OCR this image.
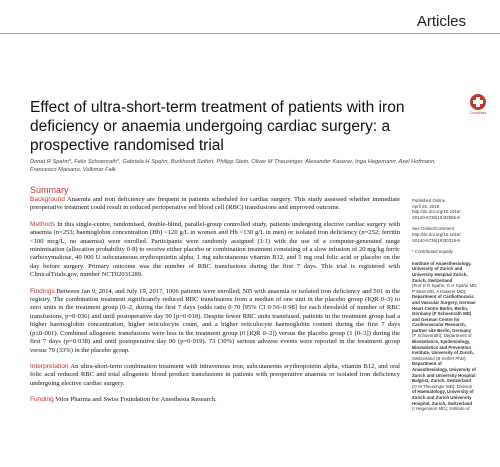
Articles
CrossMark
Effect of ultra-short-term treatment of patients with iron deficiency or anaemia undergoing cardiac surgery: a prospective randomised trial
Donat R Spahn*, Felix Schoenrath*, Gabriela H Spahn, Burkhardt Seifert, Philipp Stein, Oliver M Theusinger, Alexander Kaserer, Inga Hegemann, Axel Hofmann, Francesco Maisano, Volkmar Falk
Summary

Background Anaemia and iron deficiency are frequent in patients scheduled for cardiac surgery. This study assessed whether immediate preoperative treatment could result in reduced perioperative red blood cell (RBC) transfusions and improved outcome.

Methods In this single-centre, randomised, double-blind, parallel-group controlled study, patients undergoing elective cardiac surgery with anaemia (n=253; haemoglobin concentration (Hb) <120 g/L in women and Hb <130 g/L in men) or isolated iron deficiency (n=252; ferritin <100 mcg/L, no anaemia) were enrolled. Participants were randomly assigned (1:1) with the use of a computer-generated range minimisation (allocation probability 0·8) to receive either placebo or combination treatment consisting of a slow infusion of 20 mg/kg ferric carboxymaltose, 40 000 U subcutaneous erythropoietin alpha, 1 mg subcutaneous vitamin B12, and 5 mg oral folic acid or placebo on the day before surgery. Primary outcome was the number of RBC transfusions during the first 7 days. This trial is registered with ClinicalTrials.gov, number NCT02031289.

Findings Between Jan 9, 2014, and July 19, 2017, 1006 patients were enrolled; 505 with anaemia or isolated iron deficiency and 501 in the registry. The combination treatment significantly reduced RBC transfusions from a median of one unit in the placebo group (IQR 0–3) to zero units in the treatment group (0–2, during the first 7 days (odds ratio 0·70 [95% CI 0·50–0·98] for each threshold of number of RBC transfusions, p=0·036) and until postoperative day 90 (p=0·018). Despite fewer RBC units transfused, patients in the treatment group had a higher haemoglobin concentration, higher reticulocyte count, and a higher reticulocyte haemoglobin content during the first 7 days (p≤0·001). Combined allogeneic transfusions were less in the treatment group (0 [IQR 0–2]) versus the placebo group (1 [0–3]) during the first 7 days (p=0·038) and until postoperative day 90 (p=0·019). 73 (30%) serious adverse events were reported in the treatment group versus 79 (33%) in the placebo group.

Interpretation An ultra-short-term combination treatment with intravenous iron, subcutaneous erythropoietin alpha, vitamin B12, and oral folic acid reduced RBC and total allogeneic blood product transfusions in patients with preoperative anaemia or isolated iron deficiency undergoing elective cardiac surgery.

Funding Vifor Pharma and Swiss Foundation for Anesthesia Research.

Published Online
April 25, 2019
http://dx.doi.org/10.1016/
S0140-6736(18)32555-8
See Online/Comment
http://dx.doi.org/10.1016/
S0140-6736(19)30319-9
* Contributed equally
Institute of Anaesthesiology,
University of Zurich and
University Hospital Zurich,
Zurich, Switzerland
(Prof D R Spahn, G H Spahn MD,
P Stein MD, A Kaserer MD);
Department of Cardiothoracic
and Vascular Surgery, German
Heart Centre Berlin, Berlin,
Germany (F Schoenrath MD)
and German Centre for
Cardiovascular Research,
partner site Berlin, Germany
(F Schoenrath); Department of
Biostatistics, Epidemiology,
Biostatistics and Prevention
Institute, University of Zurich,
Switzerland (B Seifert PhD);
Department of
Anaesthesiology, University of
Zurich and University Hospital
Balgrist, Zurich, Switzerland
(O M Theusinger MD); Division
of Haematology, University of
Zurich and Zurich University
Hospital, Zurich, Switzerland
(I Hegemann MD); Institute of
